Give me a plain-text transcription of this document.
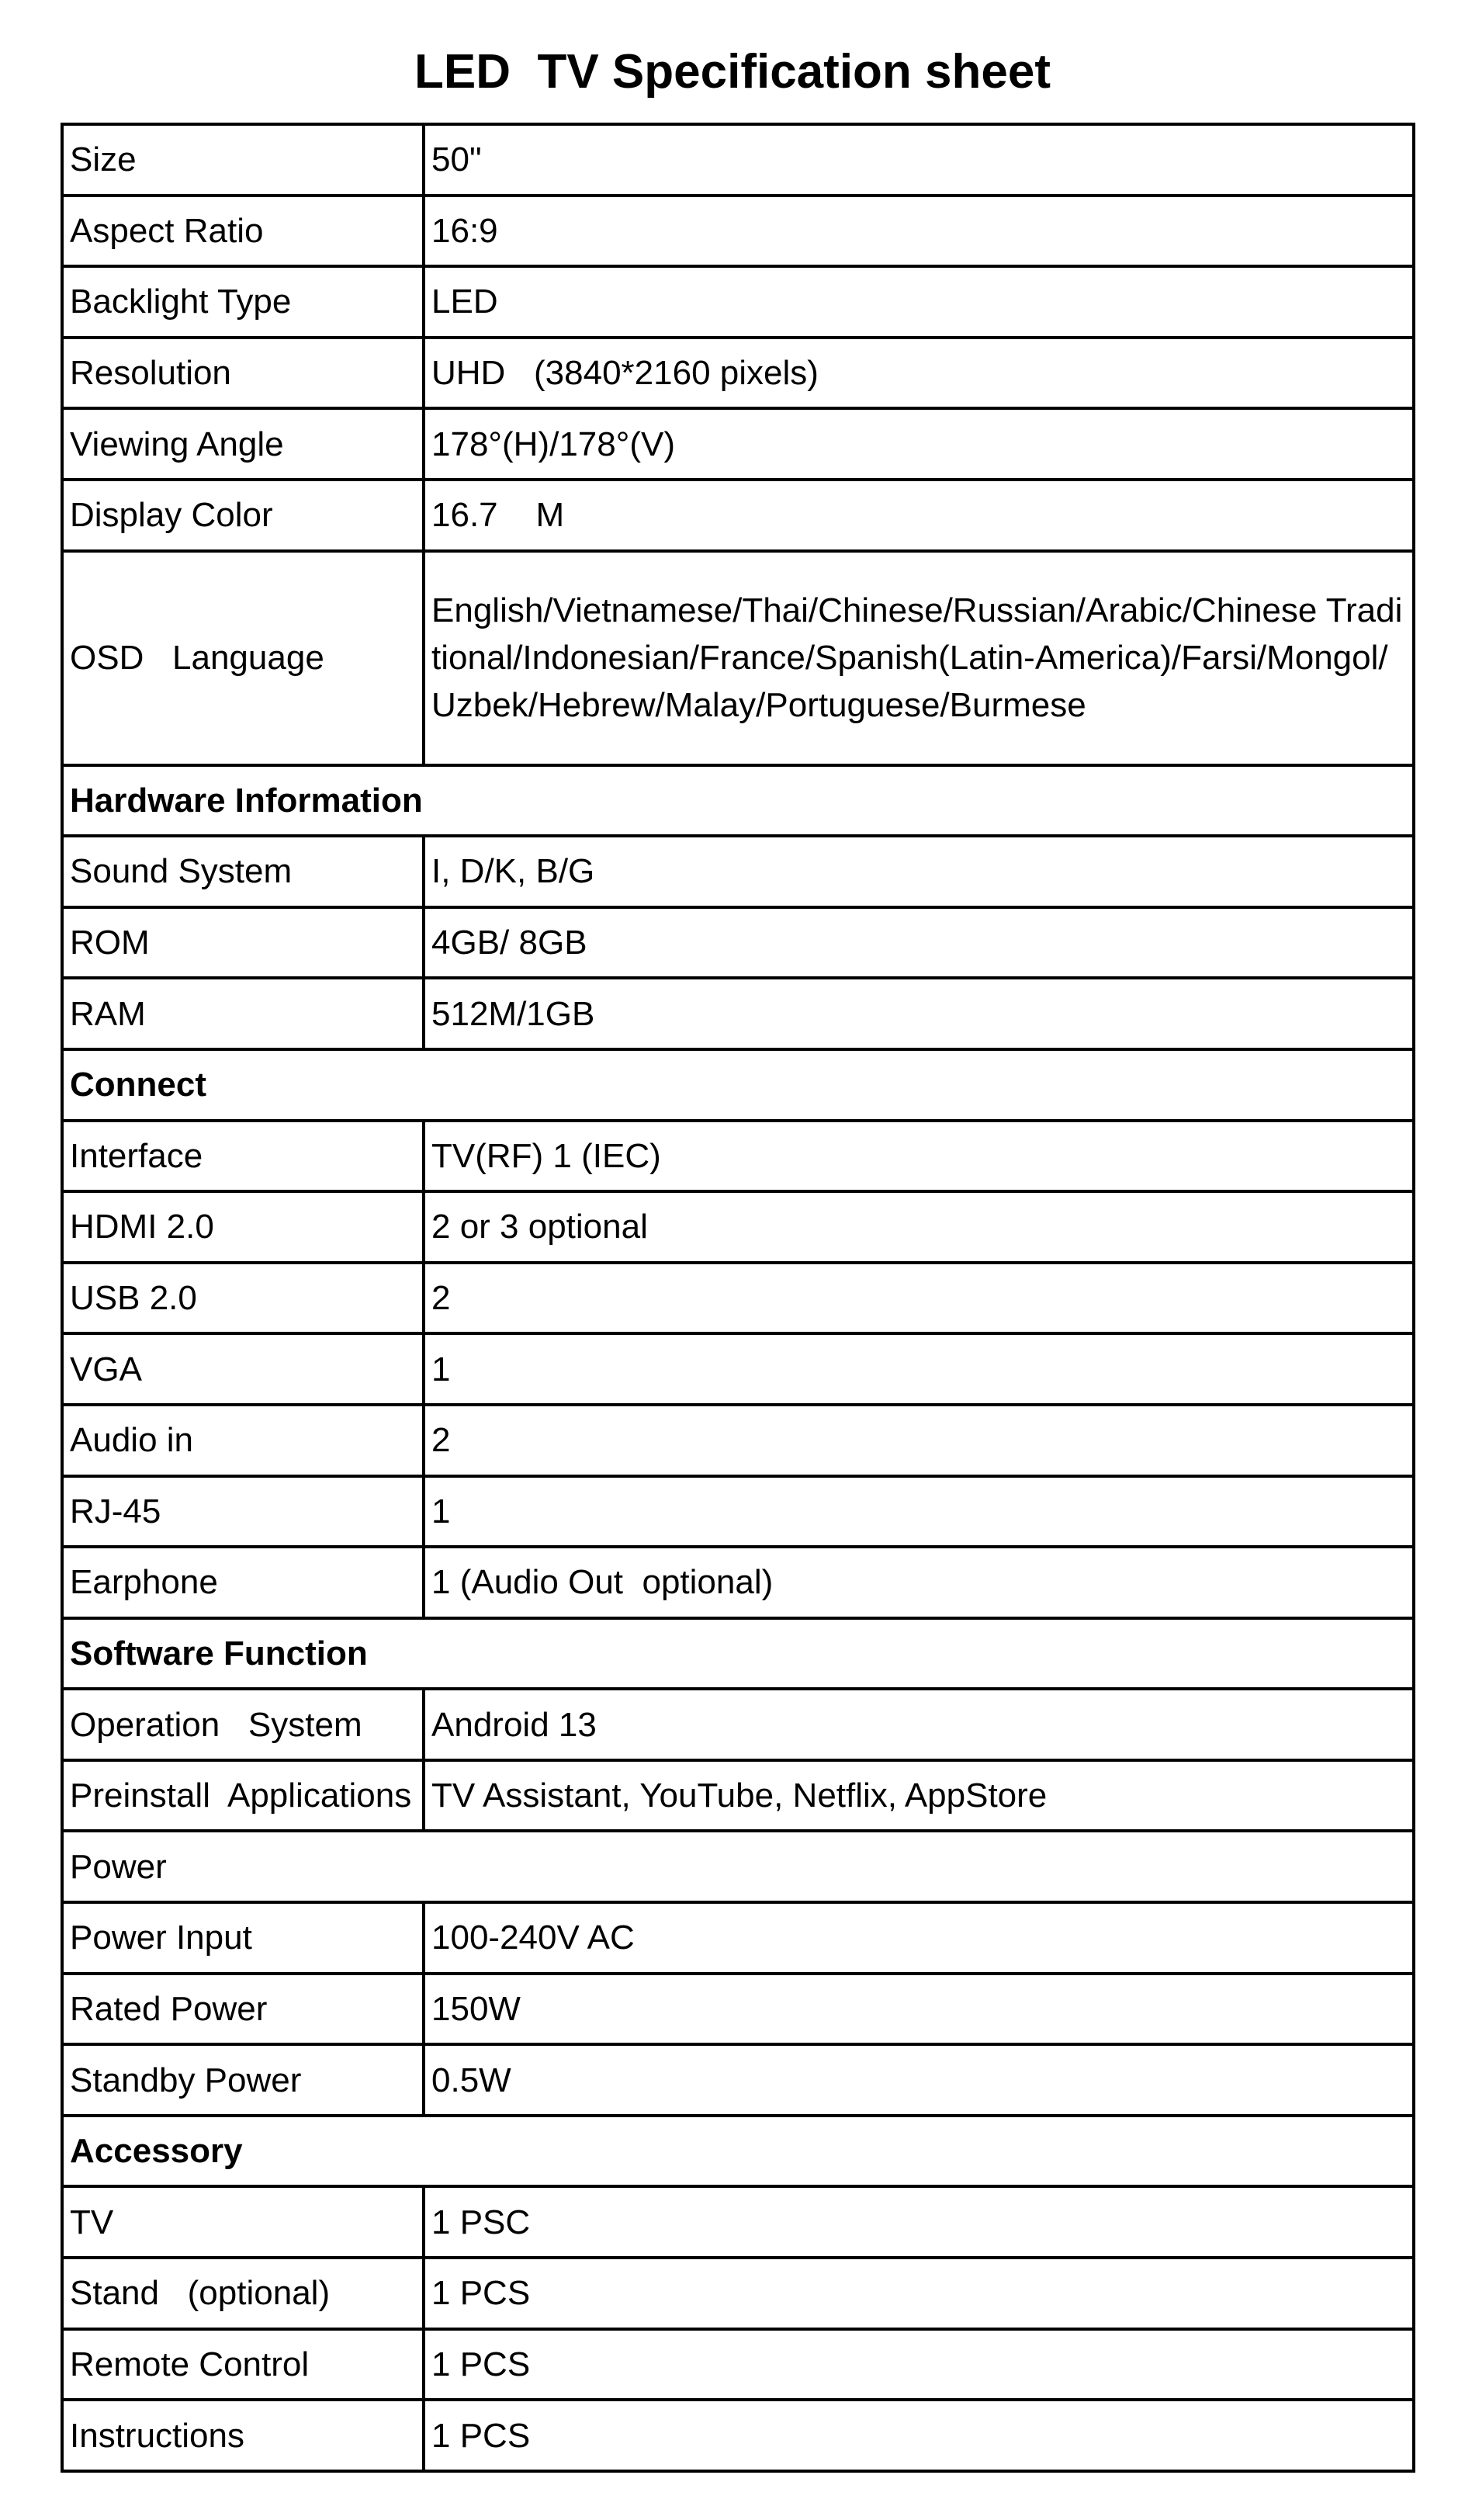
LED  TV Specification sheet
Size	50ʺ
Aspect Ratio	16:9
Backlight Type	LED
Resolution	UHD   (3840*2160 pixels)
Viewing Angle	178°(H)/178°(V)
Display Color	16.7    M
OSD   Language	English/Vietnamese/Thai/Chinese/Russian/Arabic/Chinese Traditional/Indonesian/France/Spanish(Latin-America)/Farsi/Mongol/Uzbek/Hebrew/Malay/Portuguese/Burmese
Hardware Information	
Sound System	I, D/K, B/G
ROM	4GB/ 8GB
RAM	512M/1GB
Connect	
Interface	TV(RF) 1 (IEC)
HDMI 2.0	2 or 3 optional
USB 2.0	2
VGA	1
Audio in	2
RJ-45	1
Earphone	1 (Audio Out  optional)
Software Function	
Operation   System	Android 13
Preinstall  Applications	TV Assistant, YouTube, Netflix, AppStore
Power	
Power Input	100-240V AC
Rated Power	150W
Standby Power	0.5W
Accessory	
TV	1 PSC
Stand   (optional)	1 PCS
Remote Control	1 PCS
Instructions	1 PCS
